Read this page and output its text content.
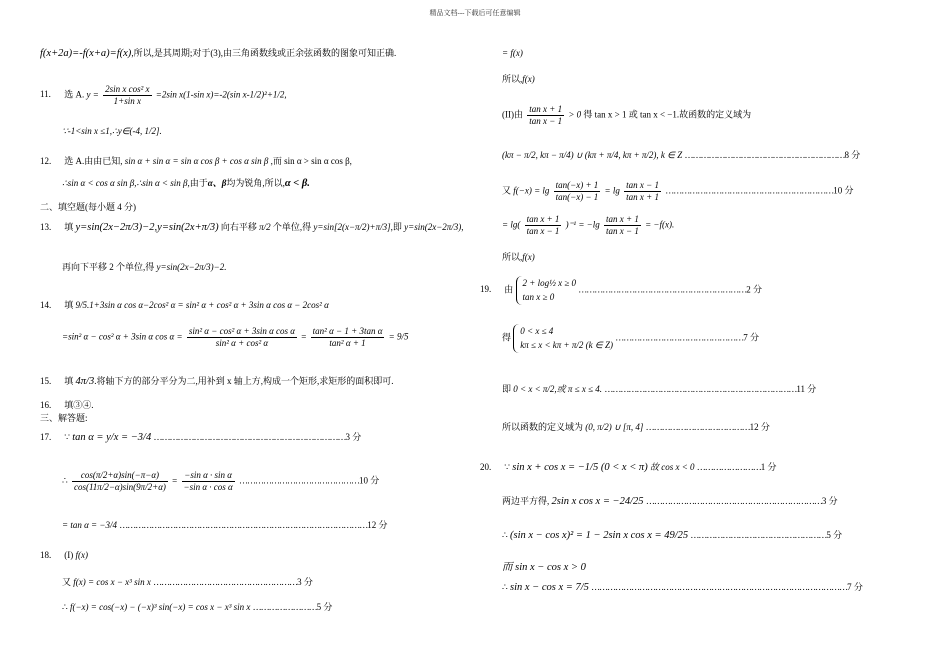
精品文档---下载后可任意编辑
f(x+2a)=-f(x+a)=f(x),所以,是其周期;对于(3),由三角函数线或正余弦函数的图象可知正确.
11. 选 A. $y = \frac{\text{2sin x cos² x}}{\text{1+sin x}} =2\sin$ x(1-sin x)=-2(sin x-1/2)²+1/2,
∵-1<sin x ≤1,∴y∈(-4, 1/2].
12. 选 A.由由已知, sin α + sin α = sin α cos β + cos α sin β ,而 sin α > sin α cos β,
∴sin α < cos α sin β,∴sin α < sin β,由于α、β均为锐角,所以,α < β.
二、填空题(每小题 4 分)
13. 填 y=sin(2x−2π/3)−2,y=sin(2x+π/3) 向右平移 π/2 个单位,得 y=sin[2(x−π/2)+π/3],即 y=sin(2x−2π/3),
再向下平移 2 个单位,得 y=sin(2x−2π/3)−2.
14. 填 9/5.1+3sin α cos α−2cos² α = sin² α + cos² α + 3sin α cos α − 2cos² α
=sin² α − cos² α + 3sin α $\cos \alpha = \frac{\text{sin² α − cos² α + 3sin α cos α}}{\text{sin² α + cos² α}} = \frac{\text{tan² α − 1 + 3tan α}}{\text{tan² α + 1}} = 9/5$
15. 填 4π/3.将轴下方的部分平分为二,用补到 x 轴上方,构成一个矩形,求矩形的面积即可.
16. 填③④.
三、解答题:
17. ∵ tan α = y/x = −3/4 ………………………………………………………………3 分
∴ $\frac{\cos(\pi/2+\alpha)\sin(-\pi-\alpha)}{\cos(11\pi/2-\alpha)\sin(9\pi/2+\alpha)} = \frac{\text{−sin α · sin α}}{\text{−sin α · cos α}}$ ………………………………………10 分
= tan α = −3/4 …………………………………………………………………………………12 分
18. (I) f(x)
又 f(x) = cos x − x³ sin x ………………………………………………3 分
∴ f(−x) = cos(−x) − (−x)³ sin(−x) = cos x − x³ sin x ……………………5 分
= f(x)
所以,f(x)
(II)由 $\frac{\text{tan x + 1}}{\text{tan x − 1}} > 0$ 得 tan x > 1 或 tan x < −1.故函数的定义域为
(kπ − π/2, kπ − π/4) ∪ (kπ + π/4, kπ + π/2), k ∈ Z ……………………………………………………8 分
又 $f(-x) = \lg \frac{\tan(-x) + 1}{\tan(-x) - 1} = \lg \frac{\text{tan x − 1}}{\text{tan x + 1}}$ ………………………………………………………10 分
= $\lg( \frac{\text{tan x + 1}}{\text{tan x − 1}} )^{-1} = -\lg \frac{\text{tan x + 1}}{\text{tan x − 1}} = -f(x)$.
所以,f(x)
19. 由
2 + log½ x ≥ 0
tan x ≥ 0
………………………………………………………2 分
得
0 < x ≤ 4
kπ ≤ x < kπ + π/2 (k ∈ Z)
…………………………………………7 分
即 0 < x < π/2,或 π ≤ x ≤ 4. ………………………………………………………………11 分
所以函数的定义域为 (0, π/2) ∪ [π, 4] …………………………………12 分
20. ∵ sin x + cos x = −1/5 (0 < x < π) 故 cos x < 0 ……………………1 分
两边平方得, 2sin x cos x = −24/25 …………………………………………………………3 分
∴ (sin x − cos x)² = 1 − 2sin x cos x = 49/25 ……………………………………………5 分
而 sin x − cos x > 0
∴ sin x − cos x = 7/5 ……………………………………………………………………………………7 分
